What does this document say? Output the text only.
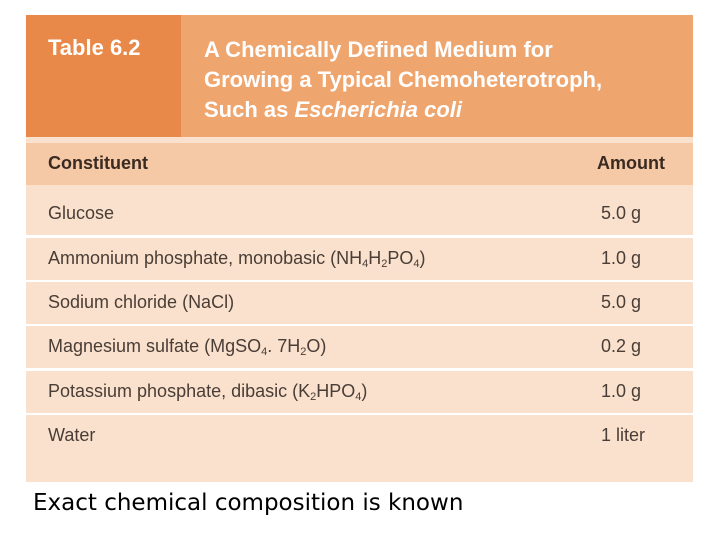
Table 6.2	A Chemically Defined Medium for
Growing a Typical Chemoheterotroph,
Such as Escherichia coli
Constituent	Amount
Glucose	5.0 g
Ammonium phosphate, monobasic $(NH_4H_2PO_4)$	1.0 g
Sodium chloride (NaCl)	5.0 g
Magnesium sulfate (MgSO$_4$. $7H_2O$)	0.2 g
Potassium phosphate, dibasic $(K_2HPO_4)$	1.0 g
Water	1 liter
Exact chemical composition is known
